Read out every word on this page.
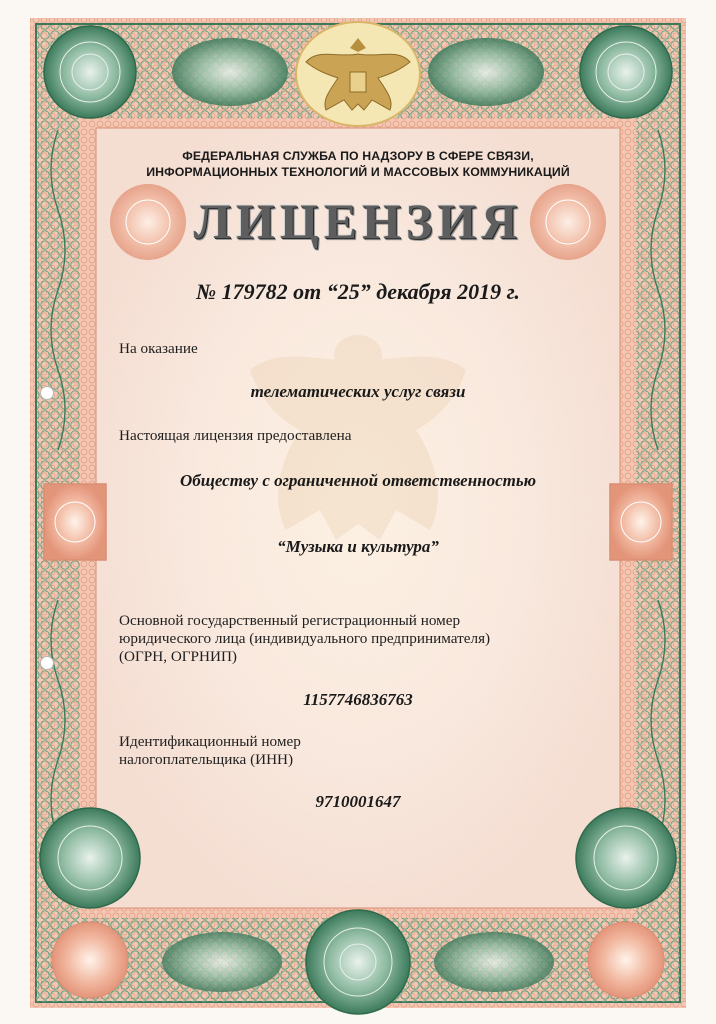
ФЕДЕРАЛЬНАЯ СЛУЖБА ПО НАДЗОРУ В СФЕРЕ СВЯЗИ,
ИНФОРМАЦИОННЫХ ТЕХНОЛОГИЙ И МАССОВЫХ КОММУНИКАЦИЙ
ЛИЦЕНЗИЯ
№ 179782 от “25” декабря 2019 г.
На оказание
телематических услуг связи
Настоящая лицензия предоставлена
Обществу с ограниченной ответственностью
“Музыка и культура”
Основной государственный регистрационный номер
юридического лица (индивидуального предпринимателя)
(ОГРН, ОГРНИП)
1157746836763
Идентификационный номер
налогоплательщика (ИНН)
9710001647
